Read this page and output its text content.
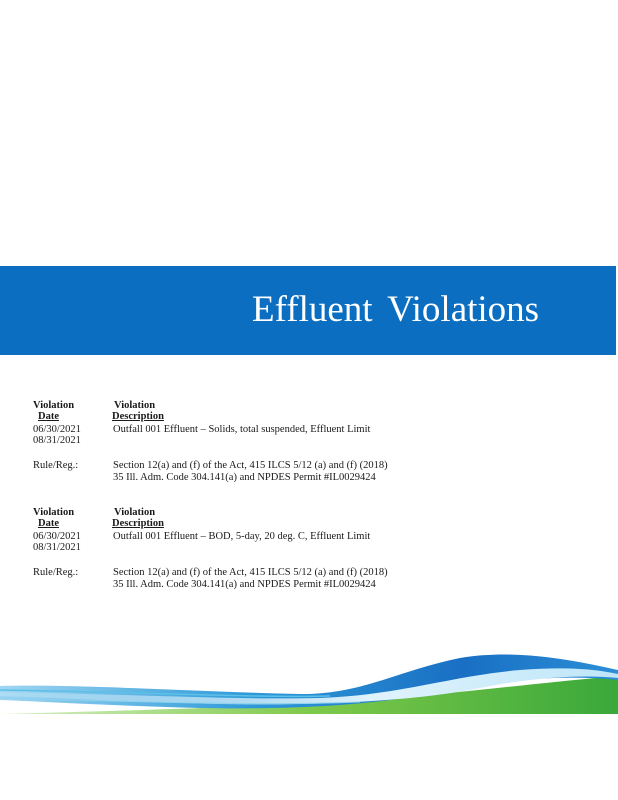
Effluent Violations
Violation
Date
Violation
Description
06/30/2021
08/31/2021
Outfall 001 Effluent – Solids, total suspended, Effluent Limit
Rule/Reg.:	Section 12(a) and (f) of the Act, 415 ILCS 5/12 (a) and (f) (2018)
35 Ill. Adm. Code 304.141(a) and NPDES Permit #IL0029424
Violation
Date
Violation
Description
06/30/2021
08/31/2021
Outfall 001 Effluent – BOD, 5-day, 20 deg. C, Effluent Limit
Rule/Reg.:	Section 12(a) and (f) of the Act, 415 ILCS 5/12 (a) and (f) (2018)
35 Ill. Adm. Code 304.141(a) and NPDES Permit #IL0029424
